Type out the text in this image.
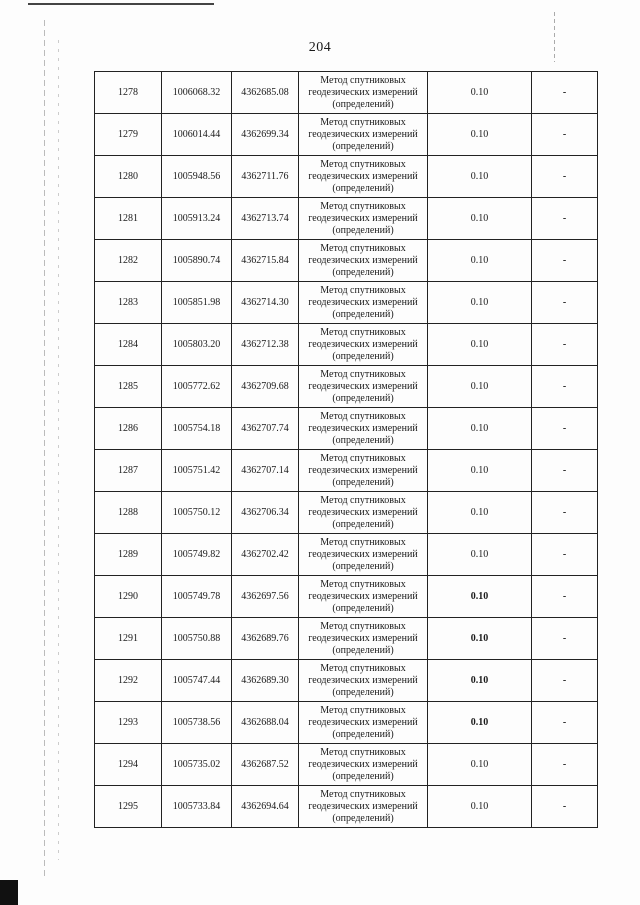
204
1278	1006068.32	4362685.08	Метод спутниковых
геодезических измерений
(определений)	0.10	-
1279	1006014.44	4362699.34	Метод спутниковых
геодезических измерений
(определений)	0.10	-
1280	1005948.56	4362711.76	Метод спутниковых
геодезических измерений
(определений)	0.10	-
1281	1005913.24	4362713.74	Метод спутниковых
геодезических измерений
(определений)	0.10	-
1282	1005890.74	4362715.84	Метод спутниковых
геодезических измерений
(определений)	0.10	-
1283	1005851.98	4362714.30	Метод спутниковых
геодезических измерений
(определений)	0.10	-
1284	1005803.20	4362712.38	Метод спутниковых
геодезических измерений
(определений)	0.10	-
1285	1005772.62	4362709.68	Метод спутниковых
геодезических измерений
(определений)	0.10	-
1286	1005754.18	4362707.74	Метод спутниковых
геодезических измерений
(определений)	0.10	-
1287	1005751.42	4362707.14	Метод спутниковых
геодезических измерений
(определений)	0.10	-
1288	1005750.12	4362706.34	Метод спутниковых
геодезических измерений
(определений)	0.10	-
1289	1005749.82	4362702.42	Метод спутниковых
геодезических измерений
(определений)	0.10	-
1290	1005749.78	4362697.56	Метод спутниковых
геодезических измерений
(определений)	0.10	-
1291	1005750.88	4362689.76	Метод спутниковых
геодезических измерений
(определений)	0.10	-
1292	1005747.44	4362689.30	Метод спутниковых
геодезических измерений
(определений)	0.10	-
1293	1005738.56	4362688.04	Метод спутниковых
геодезических измерений
(определений)	0.10	-
1294	1005735.02	4362687.52	Метод спутниковых
геодезических измерений
(определений)	0.10	-
1295	1005733.84	4362694.64	Метод спутниковых
геодезических измерений
(определений)	0.10	-
